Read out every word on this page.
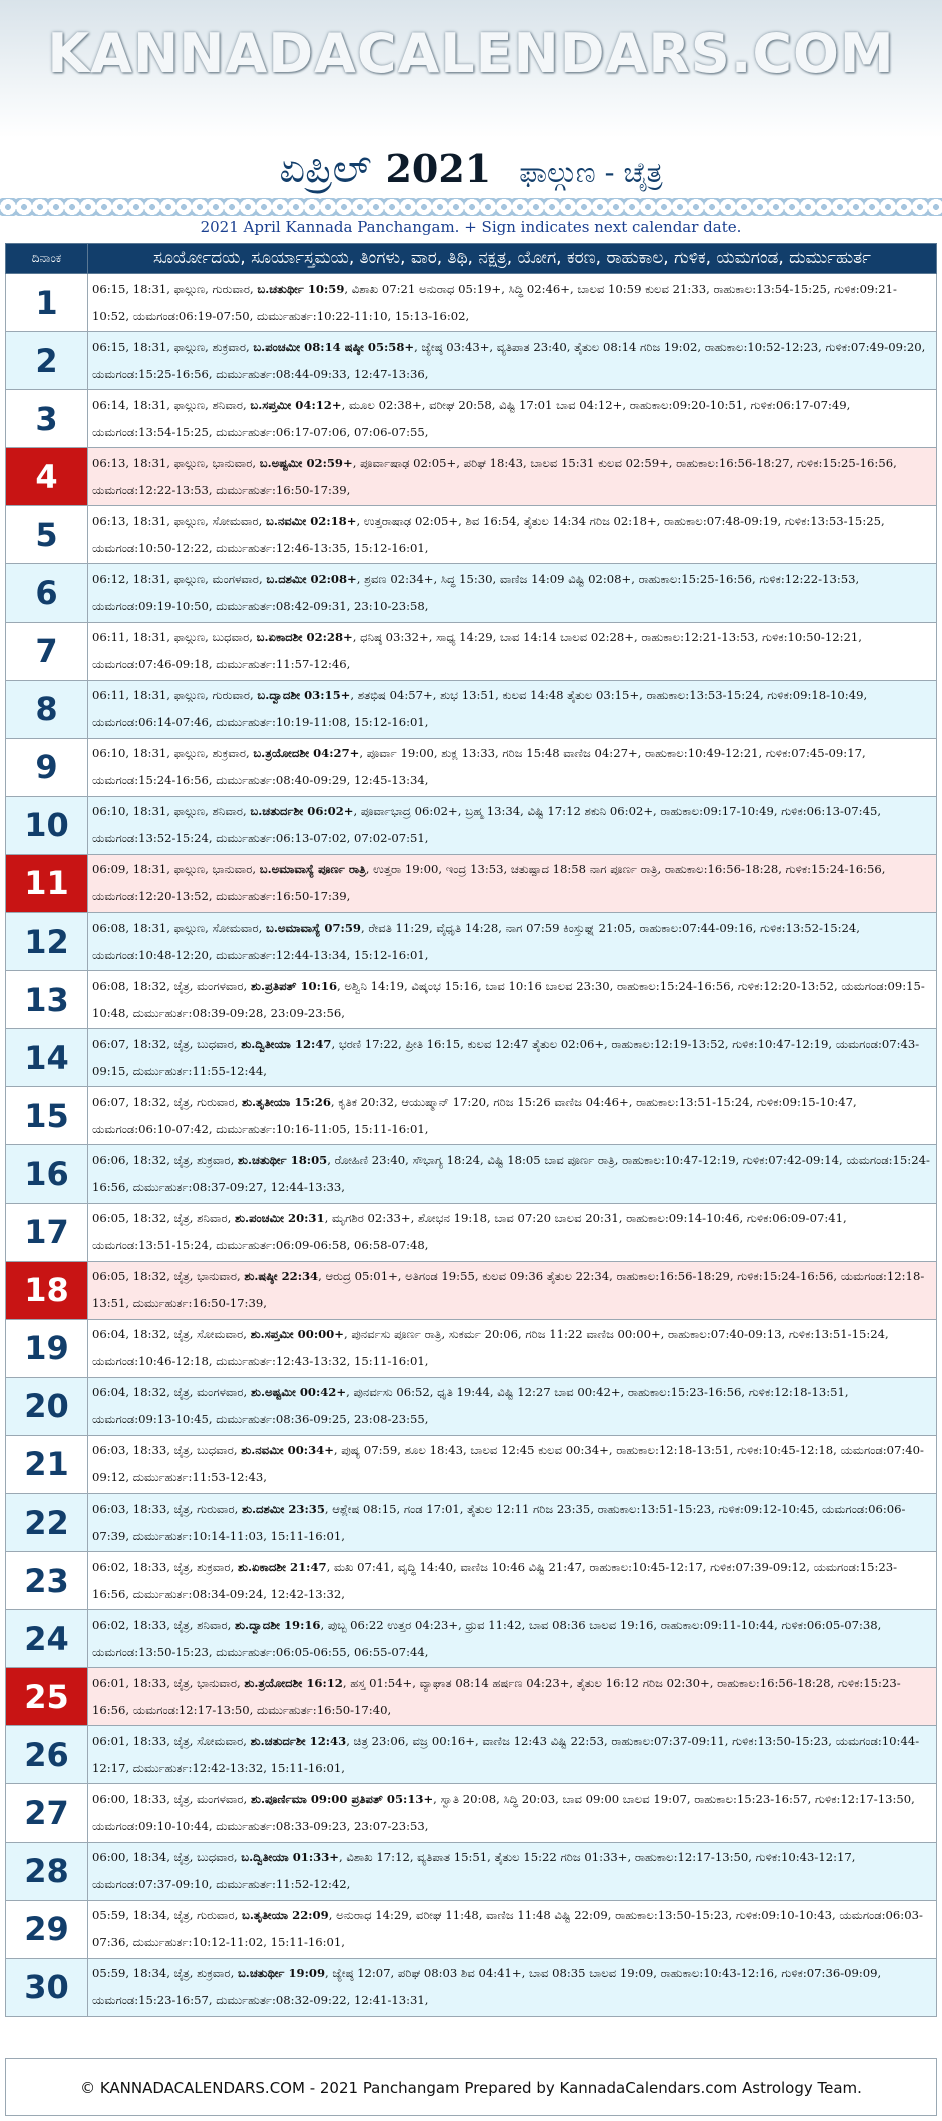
KANNADACALENDARS.COM
ಏಪ್ರಿಲ್ 2021 ಫಾಲ್ಗುಣ - ಚೈತ್ರ
2021 April Kannada Panchangam. + Sign indicates next calendar date.
ದಿನಾಂಕ	ಸೂರ್ಯೋದಯ, ಸೂರ್ಯಾಸ್ತಮಯ, ತಿಂಗಳು, ವಾರ, ತಿಥಿ, ನಕ್ಷತ್ರ, ಯೋಗ, ಕರಣ, ರಾಹುಕಾಲ, ಗುಳಿಕ, ಯಮಗಂಡ, ದುರ್ಮುಹುರ್ತ
1	06:15, 18:31, ಫಾಲ್ಗುಣ, ಗುರುವಾರ, ಬ.ಚತುರ್ಥೀ 10:59, ವಿಶಾಖ 07:21 ಅನುರಾಧ 05:19+, ಸಿದ್ಧಿ 02:46+, ಬಾಲವ 10:59 ಕುಲವ 21:33, ರಾಹುಕಾಲ:13:54-15:25, ಗುಳಿಕ:09:21-10:52, ಯಮಗಂಡ:06:19-07:50, ದುರ್ಮುಹುರ್ತ:10:22-11:10, 15:13-16:02,
2	06:15, 18:31, ಫಾಲ್ಗುಣ, ಶುಕ್ರವಾರ, ಬ.ಪಂಚಮೀ 08:14 ಷಷ್ಠೀ 05:58+, ಜ್ಯೇಷ್ಠ 03:43+, ವ್ಯತಿಪಾತ 23:40, ತೈತುಲ 08:14 ಗರಿಜ 19:02, ರಾಹುಕಾಲ:10:52-12:23, ಗುಳಿಕ:07:49-09:20, ಯಮಗಂಡ:15:25-16:56, ದುರ್ಮುಹುರ್ತ:08:44-09:33, 12:47-13:36,
3	06:14, 18:31, ಫಾಲ್ಗುಣ, ಶನಿವಾರ, ಬ.ಸಪ್ತಮೀ 04:12+, ಮೂಲ 02:38+, ವರೀಘ 20:58, ವಿಷ್ಟಿ 17:01 ಬಾವ 04:12+, ರಾಹುಕಾಲ:09:20-10:51, ಗುಳಿಕ:06:17-07:49, ಯಮಗಂಡ:13:54-15:25, ದುರ್ಮುಹುರ್ತ:06:17-07:06, 07:06-07:55,
4	06:13, 18:31, ಫಾಲ್ಗುಣ, ಭಾನುವಾರ, ಬ.ಅಷ್ಟಮೀ 02:59+, ಪೂರ್ವಾಷಾಢ 02:05+, ಪರಿಘ 18:43, ಬಾಲವ 15:31 ಕುಲವ 02:59+, ರಾಹುಕಾಲ:16:56-18:27, ಗುಳಿಕ:15:25-16:56, ಯಮಗಂಡ:12:22-13:53, ದುರ್ಮುಹುರ್ತ:16:50-17:39,
5	06:13, 18:31, ಫಾಲ್ಗುಣ, ಸೋಮವಾರ, ಬ.ನವಮೀ 02:18+, ಉತ್ತರಾಷಾಢ 02:05+, ಶಿವ 16:54, ತೈತುಲ 14:34 ಗರಿಜ 02:18+, ರಾಹುಕಾಲ:07:48-09:19, ಗುಳಿಕ:13:53-15:25, ಯಮಗಂಡ:10:50-12:22, ದುರ್ಮುಹುರ್ತ:12:46-13:35, 15:12-16:01,
6	06:12, 18:31, ಫಾಲ್ಗುಣ, ಮಂಗಳವಾರ, ಬ.ದಶಮೀ 02:08+, ಶ್ರವಣ 02:34+, ಸಿದ್ಧ 15:30, ವಾಣಿಜ 14:09 ವಿಷ್ಟಿ 02:08+, ರಾಹುಕಾಲ:15:25-16:56, ಗುಳಿಕ:12:22-13:53, ಯಮಗಂಡ:09:19-10:50, ದುರ್ಮುಹುರ್ತ:08:42-09:31, 23:10-23:58,
7	06:11, 18:31, ಫಾಲ್ಗುಣ, ಬುಧವಾರ, ಬ.ಏಕಾದಶೀ 02:28+, ಧನಿಷ್ಠ 03:32+, ಸಾಧ್ಯ 14:29, ಬಾವ 14:14 ಬಾಲವ 02:28+, ರಾಹುಕಾಲ:12:21-13:53, ಗುಳಿಕ:10:50-12:21, ಯಮಗಂಡ:07:46-09:18, ದುರ್ಮುಹುರ್ತ:11:57-12:46,
8	06:11, 18:31, ಫಾಲ್ಗುಣ, ಗುರುವಾರ, ಬ.ದ್ವಾದಶೀ 03:15+, ಶತಭಿಷ 04:57+, ಶುಭ 13:51, ಕುಲವ 14:48 ತೈತುಲ 03:15+, ರಾಹುಕಾಲ:13:53-15:24, ಗುಳಿಕ:09:18-10:49, ಯಮಗಂಡ:06:14-07:46, ದುರ್ಮುಹುರ್ತ:10:19-11:08, 15:12-16:01,
9	06:10, 18:31, ಫಾಲ್ಗುಣ, ಶುಕ್ರವಾರ, ಬ.ತ್ರಯೋದಶೀ 04:27+, ಪೂರ್ವಾ 19:00, ಶುಕ್ಲ 13:33, ಗರಿಜ 15:48 ವಾಣಿಜ 04:27+, ರಾಹುಕಾಲ:10:49-12:21, ಗುಳಿಕ:07:45-09:17, ಯಮಗಂಡ:15:24-16:56, ದುರ್ಮುಹುರ್ತ:08:40-09:29, 12:45-13:34,
10	06:10, 18:31, ಫಾಲ್ಗುಣ, ಶನಿವಾರ, ಬ.ಚತುರ್ದಶೀ 06:02+, ಪೂರ್ವಾಭಾದ್ರ 06:02+, ಬ್ರಹ್ಮ 13:34, ವಿಷ್ಟಿ 17:12 ಶಕುನಿ 06:02+, ರಾಹುಕಾಲ:09:17-10:49, ಗುಳಿಕ:06:13-07:45, ಯಮಗಂಡ:13:52-15:24, ದುರ್ಮುಹುರ್ತ:06:13-07:02, 07:02-07:51,
11	06:09, 18:31, ಫಾಲ್ಗುಣ, ಭಾನುವಾರ, ಬ.ಅಮಾವಾಸ್ಯೆ ಪೂರ್ಣ ರಾತ್ರಿ, ಉತ್ತರಾ 19:00, ಇಂದ್ರ 13:53, ಚತುಷ್ಪಾದ 18:58 ನಾಗ ಪೂರ್ಣ ರಾತ್ರಿ, ರಾಹುಕಾಲ:16:56-18:28, ಗುಳಿಕ:15:24-16:56, ಯಮಗಂಡ:12:20-13:52, ದುರ್ಮುಹುರ್ತ:16:50-17:39,
12	06:08, 18:31, ಫಾಲ್ಗುಣ, ಸೋಮವಾರ, ಬ.ಅಮಾವಾಸ್ಯೆ 07:59, ರೇವತಿ 11:29, ವೈಧೃತಿ 14:28, ನಾಗ 07:59 ಕಿಂಸ್ತುಘ್ನ 21:05, ರಾಹುಕಾಲ:07:44-09:16, ಗುಳಿಕ:13:52-15:24, ಯಮಗಂಡ:10:48-12:20, ದುರ್ಮುಹುರ್ತ:12:44-13:34, 15:12-16:01,
13	06:08, 18:32, ಚೈತ್ರ, ಮಂಗಳವಾರ, ಶು.ಪ್ರತಿಪತ್ 10:16, ಅಶ್ವಿನಿ 14:19, ವಿಷ್ಕಂಭ 15:16, ಬಾವ 10:16 ಬಾಲವ 23:30, ರಾಹುಕಾಲ:15:24-16:56, ಗುಳಿಕ:12:20-13:52, ಯಮಗಂಡ:09:15-10:48, ದುರ್ಮುಹುರ್ತ:08:39-09:28, 23:09-23:56,
14	06:07, 18:32, ಚೈತ್ರ, ಬುಧವಾರ, ಶು.ದ್ವಿತೀಯಾ 12:47, ಭರಣಿ 17:22, ಪ್ರೀತಿ 16:15, ಕುಲವ 12:47 ತೈತುಲ 02:06+, ರಾಹುಕಾಲ:12:19-13:52, ಗುಳಿಕ:10:47-12:19, ಯಮಗಂಡ:07:43-09:15, ದುರ್ಮುಹುರ್ತ:11:55-12:44,
15	06:07, 18:32, ಚೈತ್ರ, ಗುರುವಾರ, ಶು.ತೃತೀಯಾ 15:26, ಕೃತಿಕ 20:32, ಆಯುಷ್ಮಾನ್ 17:20, ಗರಿಜ 15:26 ವಾಣಿಜ 04:46+, ರಾಹುಕಾಲ:13:51-15:24, ಗುಳಿಕ:09:15-10:47, ಯಮಗಂಡ:06:10-07:42, ದುರ್ಮುಹುರ್ತ:10:16-11:05, 15:11-16:01,
16	06:06, 18:32, ಚೈತ್ರ, ಶುಕ್ರವಾರ, ಶು.ಚತುರ್ಥೀ 18:05, ರೋಹಿಣಿ 23:40, ಸೌಭಾಗ್ಯ 18:24, ವಿಷ್ಟಿ 18:05 ಬಾವ ಪೂರ್ಣ ರಾತ್ರಿ, ರಾಹುಕಾಲ:10:47-12:19, ಗುಳಿಕ:07:42-09:14, ಯಮಗಂಡ:15:24-16:56, ದುರ್ಮುಹುರ್ತ:08:37-09:27, 12:44-13:33,
17	06:05, 18:32, ಚೈತ್ರ, ಶನಿವಾರ, ಶು.ಪಂಚಮೀ 20:31, ಮೃಗಶಿರ 02:33+, ಶೋಭನ 19:18, ಬಾವ 07:20 ಬಾಲವ 20:31, ರಾಹುಕಾಲ:09:14-10:46, ಗುಳಿಕ:06:09-07:41, ಯಮಗಂಡ:13:51-15:24, ದುರ್ಮುಹುರ್ತ:06:09-06:58, 06:58-07:48,
18	06:05, 18:32, ಚೈತ್ರ, ಭಾನುವಾರ, ಶು.ಷಷ್ಠೀ 22:34, ಆರುದ್ರ 05:01+, ಅತಿಗಂಡ 19:55, ಕುಲವ 09:36 ತೈತುಲ 22:34, ರಾಹುಕಾಲ:16:56-18:29, ಗುಳಿಕ:15:24-16:56, ಯಮಗಂಡ:12:18-13:51, ದುರ್ಮುಹುರ್ತ:16:50-17:39,
19	06:04, 18:32, ಚೈತ್ರ, ಸೋಮವಾರ, ಶು.ಸಪ್ತಮೀ 00:00+, ಪುನರ್ವಸು ಪೂರ್ಣ ರಾತ್ರಿ, ಸುಕರ್ಮ 20:06, ಗರಿಜ 11:22 ವಾಣಿಜ 00:00+, ರಾಹುಕಾಲ:07:40-09:13, ಗುಳಿಕ:13:51-15:24, ಯಮಗಂಡ:10:46-12:18, ದುರ್ಮುಹುರ್ತ:12:43-13:32, 15:11-16:01,
20	06:04, 18:32, ಚೈತ್ರ, ಮಂಗಳವಾರ, ಶು.ಅಷ್ಟಮೀ 00:42+, ಪುನರ್ವಸು 06:52, ಧೃತಿ 19:44, ವಿಷ್ಟಿ 12:27 ಬಾವ 00:42+, ರಾಹುಕಾಲ:15:23-16:56, ಗುಳಿಕ:12:18-13:51, ಯಮಗಂಡ:09:13-10:45, ದುರ್ಮುಹುರ್ತ:08:36-09:25, 23:08-23:55,
21	06:03, 18:33, ಚೈತ್ರ, ಬುಧವಾರ, ಶು.ನವಮೀ 00:34+, ಪುಷ್ಯ 07:59, ಶೂಲ 18:43, ಬಾಲವ 12:45 ಕುಲವ 00:34+, ರಾಹುಕಾಲ:12:18-13:51, ಗುಳಿಕ:10:45-12:18, ಯಮಗಂಡ:07:40-09:12, ದುರ್ಮುಹುರ್ತ:11:53-12:43,
22	06:03, 18:33, ಚೈತ್ರ, ಗುರುವಾರ, ಶು.ದಶಮೀ 23:35, ಆಶ್ಲೇಷ 08:15, ಗಂಡ 17:01, ತೈತುಲ 12:11 ಗರಿಜ 23:35, ರಾಹುಕಾಲ:13:51-15:23, ಗುಳಿಕ:09:12-10:45, ಯಮಗಂಡ:06:06-07:39, ದುರ್ಮುಹುರ್ತ:10:14-11:03, 15:11-16:01,
23	06:02, 18:33, ಚೈತ್ರ, ಶುಕ್ರವಾರ, ಶು.ಏಕಾದಶೀ 21:47, ಮಖ 07:41, ವೃದ್ಧಿ 14:40, ವಾಣಿಜ 10:46 ವಿಷ್ಟಿ 21:47, ರಾಹುಕಾಲ:10:45-12:17, ಗುಳಿಕ:07:39-09:12, ಯಮಗಂಡ:15:23-16:56, ದುರ್ಮುಹುರ್ತ:08:34-09:24, 12:42-13:32,
24	06:02, 18:33, ಚೈತ್ರ, ಶನಿವಾರ, ಶು.ದ್ವಾದಶೀ 19:16, ಪುಬ್ಬ 06:22 ಉತ್ತರ 04:23+, ಧ್ರುವ 11:42, ಬಾವ 08:36 ಬಾಲವ 19:16, ರಾಹುಕಾಲ:09:11-10:44, ಗುಳಿಕ:06:05-07:38, ಯಮಗಂಡ:13:50-15:23, ದುರ್ಮುಹುರ್ತ:06:05-06:55, 06:55-07:44,
25	06:01, 18:33, ಚೈತ್ರ, ಭಾನುವಾರ, ಶು.ತ್ರಯೋದಶೀ 16:12, ಹಸ್ತ 01:54+, ವ್ಯಾಘಾತ 08:14 ಹರ್ಷಣ 04:23+, ತೈತುಲ 16:12 ಗರಿಜ 02:30+, ರಾಹುಕಾಲ:16:56-18:28, ಗುಳಿಕ:15:23-16:56, ಯಮಗಂಡ:12:17-13:50, ದುರ್ಮುಹುರ್ತ:16:50-17:40,
26	06:01, 18:33, ಚೈತ್ರ, ಸೋಮವಾರ, ಶು.ಚತುರ್ದಶೀ 12:43, ಚಿತ್ರ 23:06, ವಜ್ರ 00:16+, ವಾಣಿಜ 12:43 ವಿಷ್ಟಿ 22:53, ರಾಹುಕಾಲ:07:37-09:11, ಗುಳಿಕ:13:50-15:23, ಯಮಗಂಡ:10:44-12:17, ದುರ್ಮುಹುರ್ತ:12:42-13:32, 15:11-16:01,
27	06:00, 18:33, ಚೈತ್ರ, ಮಂಗಳವಾರ, ಶು.ಪೂರ್ಣಿಮಾ 09:00 ಪ್ರತಿಪತ್ 05:13+, ಸ್ವಾತಿ 20:08, ಸಿದ್ಧಿ 20:03, ಬಾವ 09:00 ಬಾಲವ 19:07, ರಾಹುಕಾಲ:15:23-16:57, ಗುಳಿಕ:12:17-13:50, ಯಮಗಂಡ:09:10-10:44, ದುರ್ಮುಹುರ್ತ:08:33-09:23, 23:07-23:53,
28	06:00, 18:34, ಚೈತ್ರ, ಬುಧವಾರ, ಬ.ದ್ವಿತೀಯಾ 01:33+, ವಿಶಾಖ 17:12, ವ್ಯತಿಪಾತ 15:51, ತೈತುಲ 15:22 ಗರಿಜ 01:33+, ರಾಹುಕಾಲ:12:17-13:50, ಗುಳಿಕ:10:43-12:17, ಯಮಗಂಡ:07:37-09:10, ದುರ್ಮುಹುರ್ತ:11:52-12:42,
29	05:59, 18:34, ಚೈತ್ರ, ಗುರುವಾರ, ಬ.ತೃತೀಯಾ 22:09, ಅನುರಾಧ 14:29, ವರೀಘ 11:48, ವಾಣಿಜ 11:48 ವಿಷ್ಟಿ 22:09, ರಾಹುಕಾಲ:13:50-15:23, ಗುಳಿಕ:09:10-10:43, ಯಮಗಂಡ:06:03-07:36, ದುರ್ಮುಹುರ್ತ:10:12-11:02, 15:11-16:01,
30	05:59, 18:34, ಚೈತ್ರ, ಶುಕ್ರವಾರ, ಬ.ಚತುರ್ಥೀ 19:09, ಜ್ಯೇಷ್ಠ 12:07, ಪರಿಘ 08:03 ಶಿವ 04:41+, ಬಾವ 08:35 ಬಾಲವ 19:09, ರಾಹುಕಾಲ:10:43-12:16, ಗುಳಿಕ:07:36-09:09, ಯಮಗಂಡ:15:23-16:57, ದುರ್ಮುಹುರ್ತ:08:32-09:22, 12:41-13:31,
© KANNADACALENDARS.COM - 2021 Panchangam Prepared by KannadaCalendars.com Astrology Team.
